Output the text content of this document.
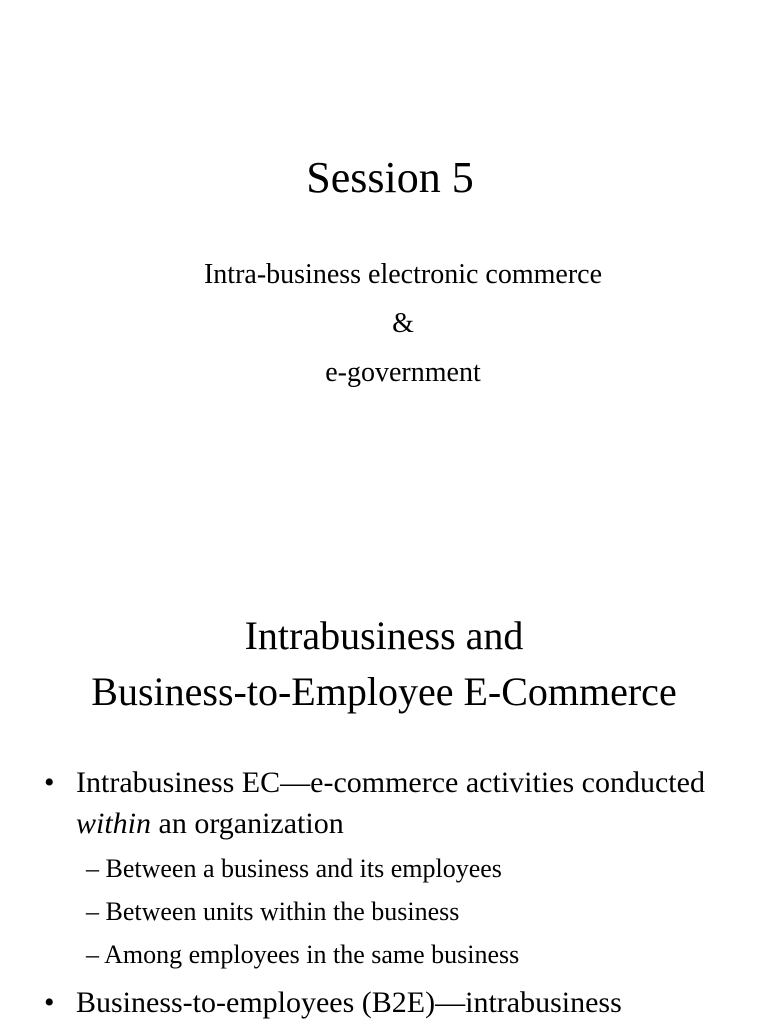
Session 5
Intra-business electronic commerce
&
e-government
Intrabusiness and
Business-to-Employee E-Commerce
• Intrabusiness EC—e-commerce activities conducted within an organization
– Between a business and its employees
– Between units within the business
– Among employees in the same business
• Business-to-employees (B2E)—intrabusiness
